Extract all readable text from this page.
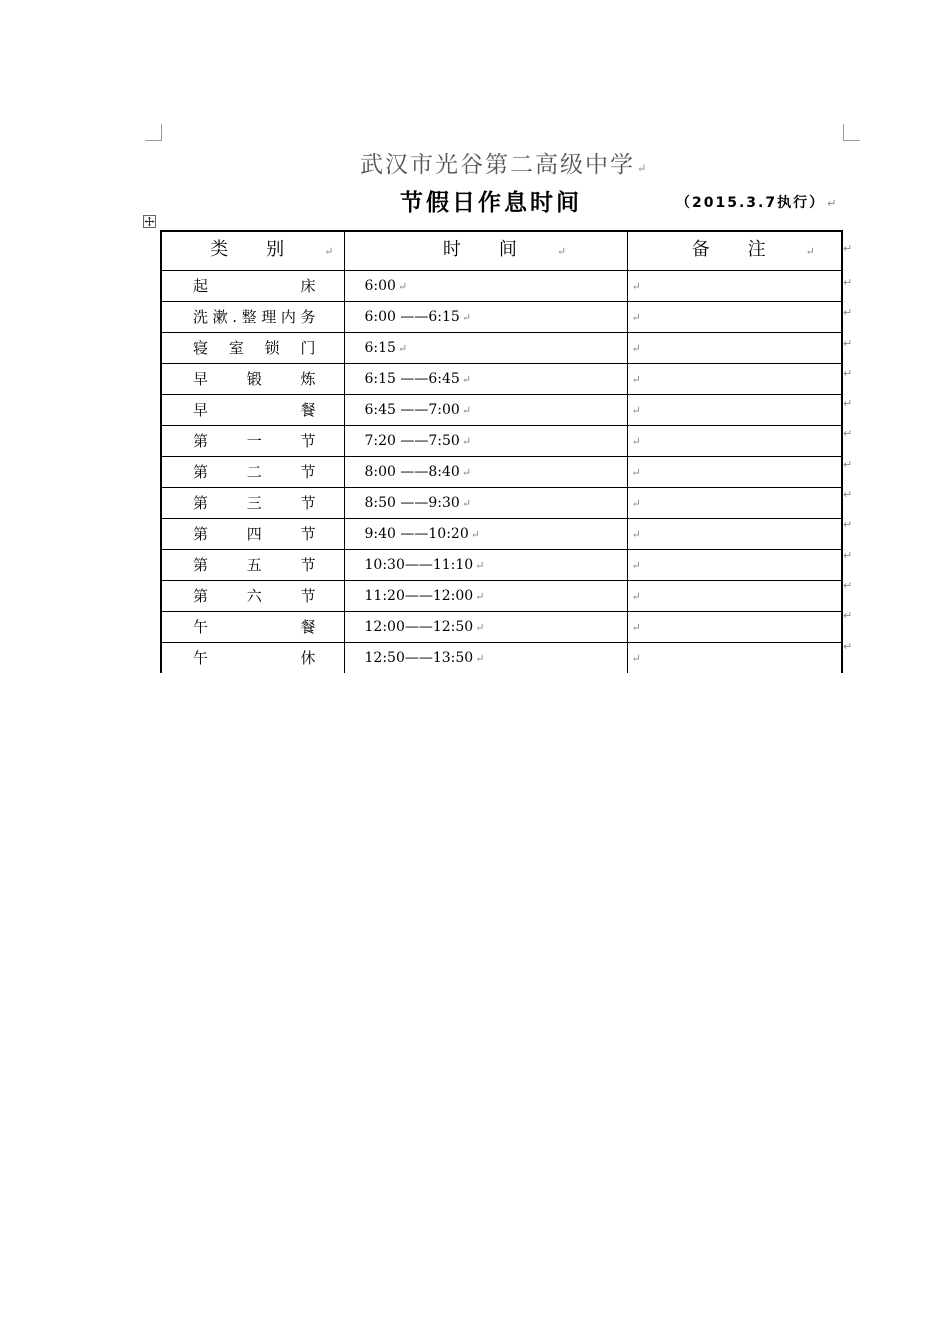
武汉市光谷第二高级中学 ↵
节假日作息时间	（2015.3.7执行） ↵
类别 ↵	时间 ↵	备注 ↵
起床	6:00 ↵	↵
洗漱.整理内务	6:00 ——6:15 ↵	↵
寝室锁门	6:15 ↵	↵
早锻炼	6:15 ——6:45 ↵	↵
早餐	6:45 ——7:00 ↵	↵
第一节	7:20 ——7:50 ↵	↵
第二节	8:00 ——8:40 ↵	↵
第三节	8:50 ——9:30 ↵	↵
第四节	9:40 ——10:20 ↵	↵
第五节	10:30——11:10 ↵	↵
第六节	11:20——12:00 ↵	↵
午餐	12:00——12:50 ↵	↵
午休	12:50——13:50 ↵	↵
↵
↵
↵
↵
↵
↵
↵
↵
↵
↵
↵
↵
↵
↵
